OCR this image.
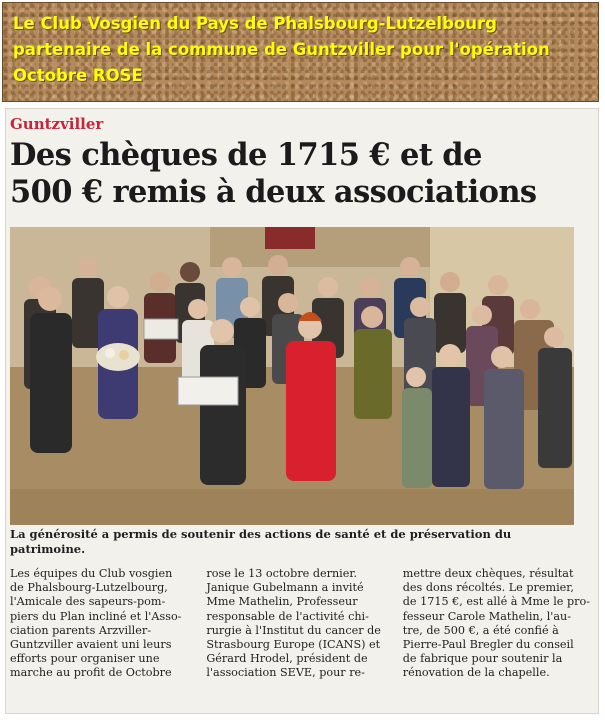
Le Club Vosgien du Pays de Phalsbourg-Lutzelbourg
partenaire de la commune de Guntzviller pour l'opération
Octobre ROSE
Guntzviller
Des chèques de 1715 € et de
500 € remis à deux associations
La générosité a permis de soutenir des actions de santé et de préservation du patrimoine.
Les équipes du Club vosgien
de Phalsbourg-Lutzelbourg,
l'Amicale des sapeurs-pom-
piers du Plan incliné et l'Asso-
ciation parents Arzviller-
Guntzviller avaient uni leurs
efforts pour organiser une
marche au profit de Octobre
rose le 13 octobre dernier.
Janique Gubelmann a invité
Mme Mathelin, Professeur
responsable de l'activité chi-
rurgie à l'Institut du cancer de
Strasbourg Europe (ICANS) et
Gérard Hrodel, président de
l'association SEVE, pour re-
mettre deux chèques, résultat
des dons récoltés. Le premier,
de 1715 €, est allé à Mme le pro-
fesseur Carole Mathelin, l'au-
tre, de 500 €, a été confié à
Pierre-Paul Bregler du conseil
de fabrique pour soutenir la
rénovation de la chapelle.
